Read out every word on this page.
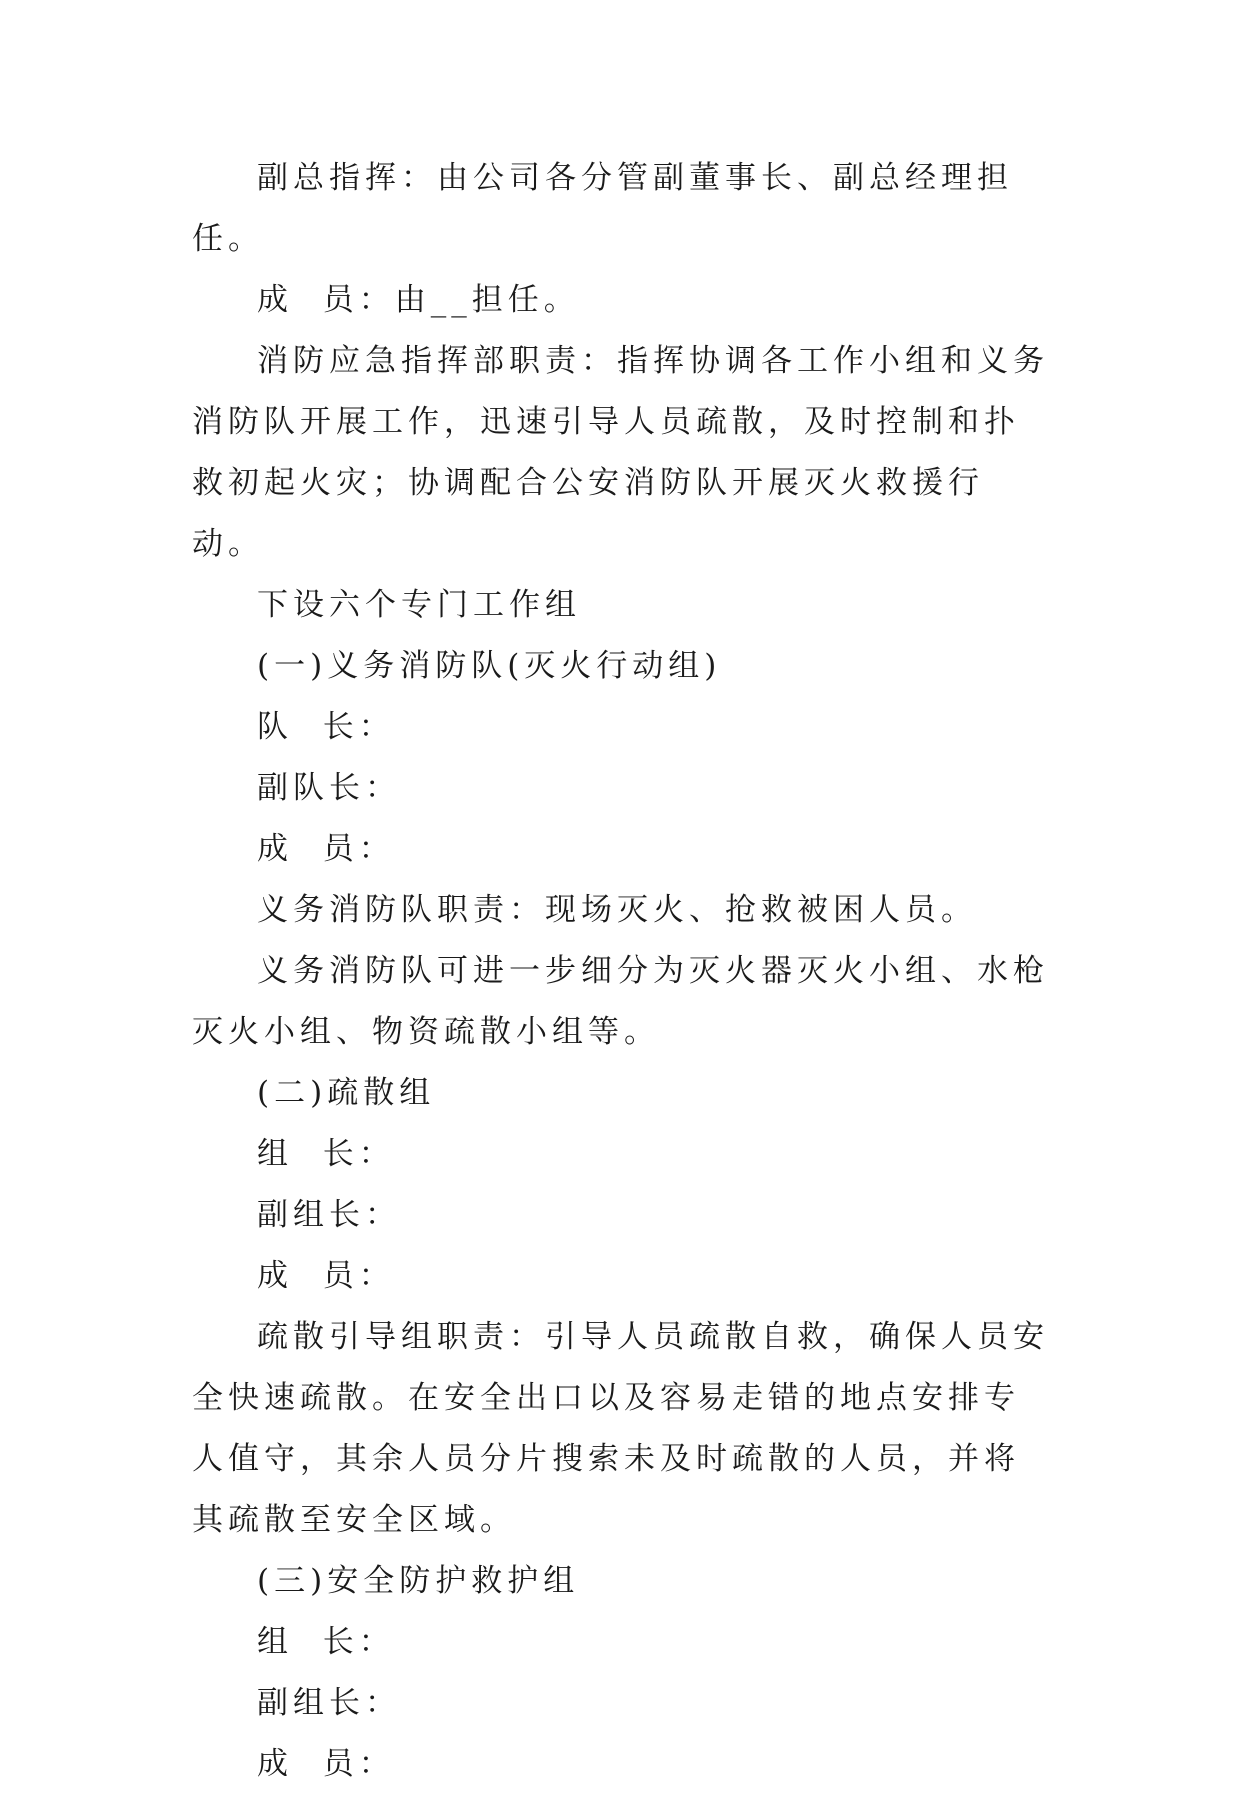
副总指挥：由公司各分管副董事长、副总经理担任。

成  员：由__担任。

消防应急指挥部职责：指挥协调各工作小组和义务消防队开展工作，迅速引导人员疏散，及时控制和扑救初起火灾；协调配合公安消防队开展灭火救援行动。

下设六个专门工作组

(一)义务消防队(灭火行动组)

队  长：

副队长：

成  员：

义务消防队职责：现场灭火、抢救被困人员。

义务消防队可进一步细分为灭火器灭火小组、水枪灭火小组、物资疏散小组等。

(二)疏散组

组  长：

副组长：

成  员：

疏散引导组职责：引导人员疏散自救，确保人员安全快速疏散。在安全出口以及容易走错的地点安排专人值守，其余人员分片搜索未及时疏散的人员，并将其疏散至安全区域。

(三)安全防护救护组

组  长：

副组长：

成  员：
